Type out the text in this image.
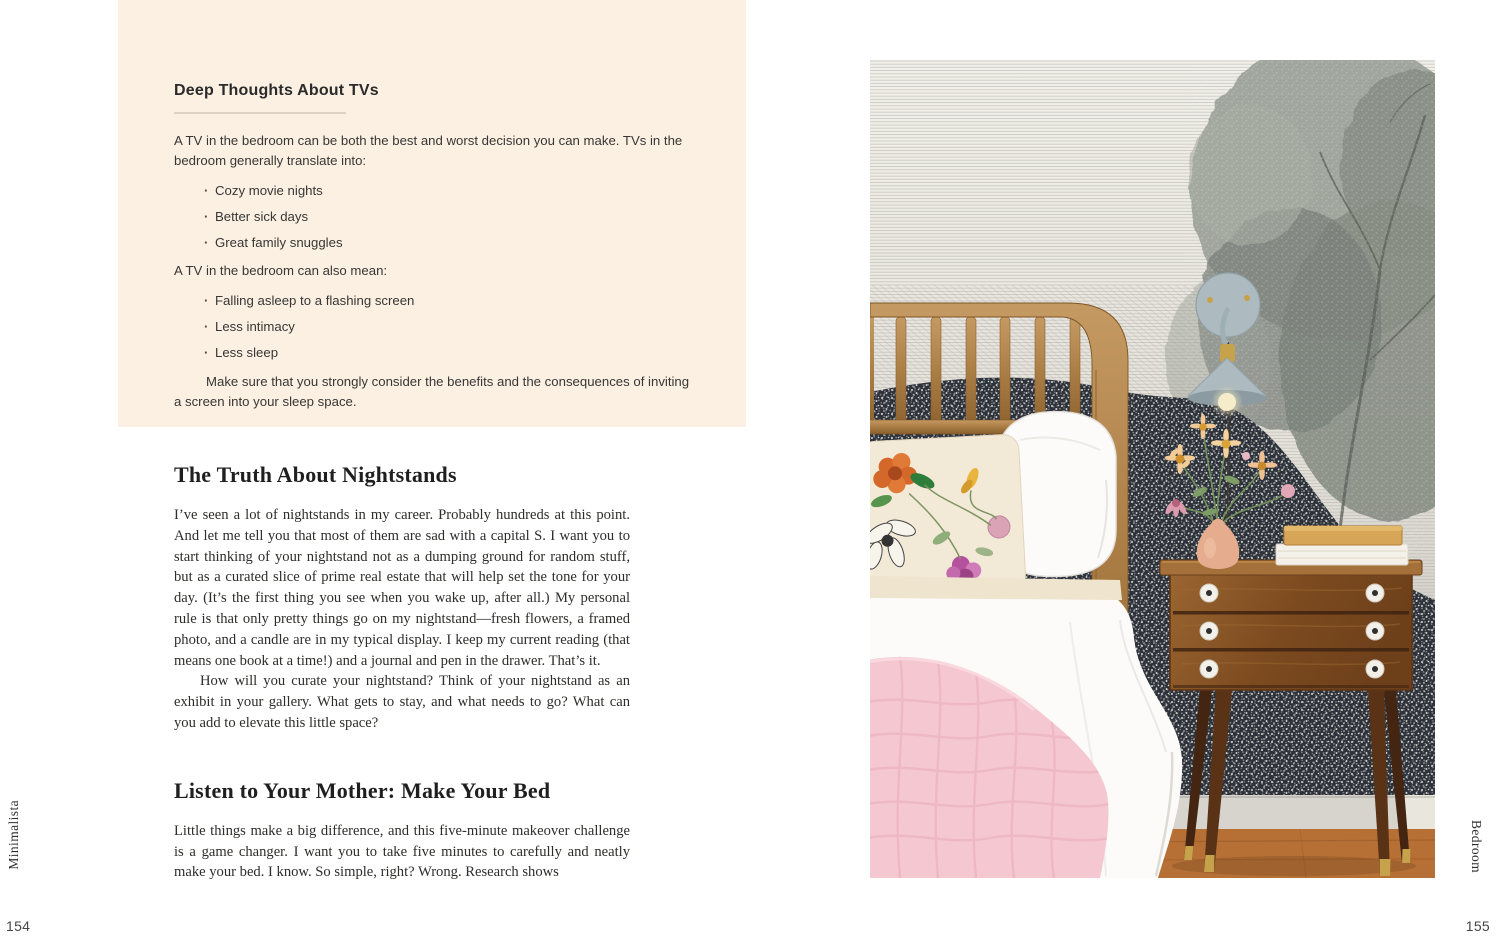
Deep Thoughts About TVs

A TV in the bedroom can be both the best and worst decision you can make. TVs in the bedroom generally translate into:

· Cozy movie nights
· Better sick days
· Great family snuggles

A TV in the bedroom can also mean:

· Falling asleep to a flashing screen
· Less intimacy
· Less sleep

Make sure that you strongly consider the benefits and the consequences of inviting a screen into your sleep space.

The Truth About Nightstands

I’ve seen a lot of nightstands in my career. Probably hundreds at this point. And let me tell you that most of them are sad with a capital S. I want you to start thinking of your nightstand not as a dumping ground for random stuff, but as a curated slice of prime real estate that will help set the tone for your day. (It’s the first thing you see when you wake up, after all.) My personal rule is that only pretty things go on my nightstand—fresh flowers, a framed photo, and a candle are in my typical display. I keep my current reading (that means one book at a time!) and a journal and pen in the drawer. That’s it.

How will you curate your nightstand? Think of your nightstand as an exhibit in your gallery. What gets to stay, and what needs to go? What can you add to elevate this little space?

Listen to Your Mother: Make Your Bed

Little things make a big difference, and this five-minute makeover challenge is a game changer. I want you to take five minutes to carefully and neatly make your bed. I know. So simple, right? Wrong. Research shows

Minimalista
154
Bedroom
155
